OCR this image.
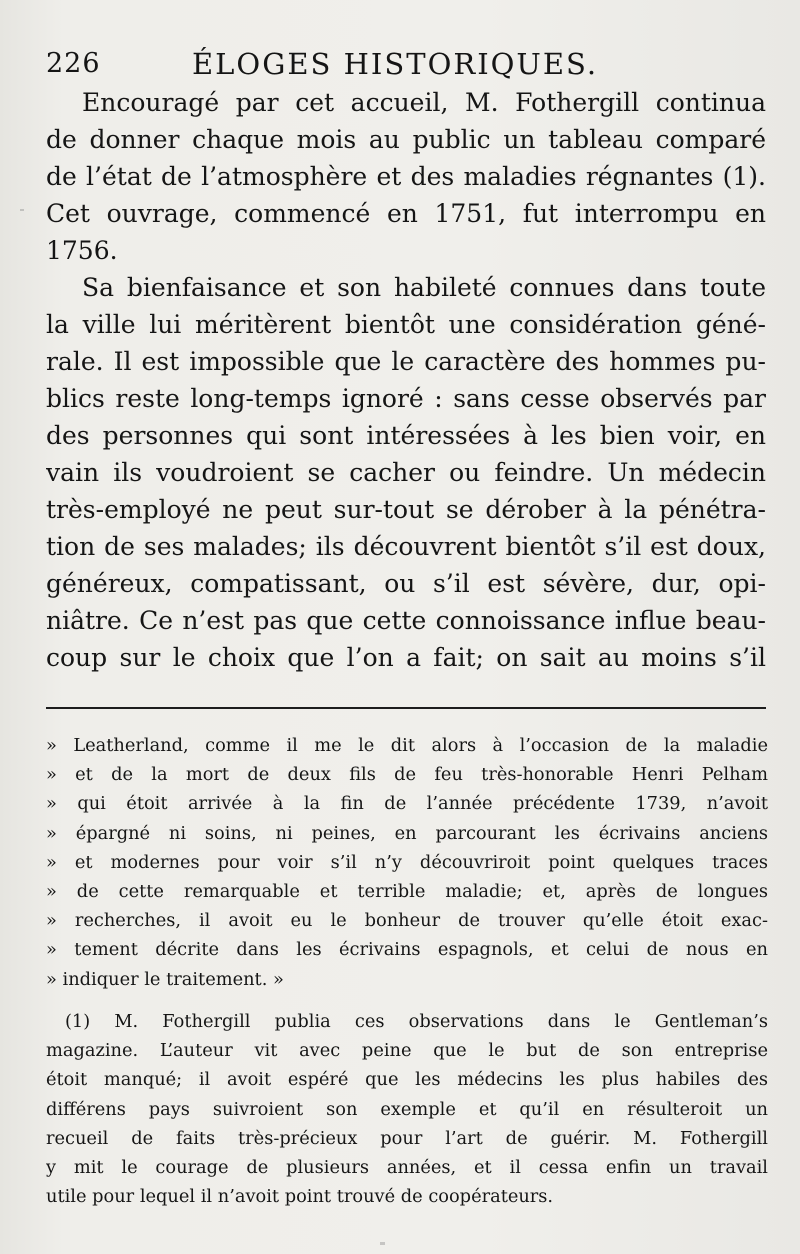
226	ÉLOGES HISTORIQUES.
Encouragé par cet accueil, M. Fothergill continua
de donner chaque mois au public un tableau comparé
de l’état de l’atmosphère et des maladies régnantes (1).
Cet ouvrage, commencé en 1751, fut interrompu en
1756.
Sa bienfaisance et son habileté connues dans toute
la ville lui méritèrent bientôt une considération géné-
rale. Il est impossible que le caractère des hommes pu-
blics reste long-temps ignoré : sans cesse observés par
des personnes qui sont intéressées à les bien voir, en
vain ils voudroient se cacher ou feindre. Un médecin
très-employé ne peut sur-tout se dérober à la pénétra-
tion de ses malades; ils découvrent bientôt s’il est doux,
généreux, compatissant, ou s’il est sévère, dur, opi-
niâtre. Ce n’est pas que cette connoissance influe beau-
coup sur le choix que l’on a fait; on sait au moins s’il
» Leatherland, comme il me le dit alors à l’occasion de la maladie
» et de la mort de deux fils de feu très-honorable Henri Pelham
» qui étoit arrivée à la fin de l’année précédente 1739, n’avoit
» épargné ni soins, ni peines, en parcourant les écrivains anciens
» et modernes pour voir s’il n’y découvriroit point quelques traces
» de cette remarquable et terrible maladie; et, après de longues
» recherches, il avoit eu le bonheur de trouver qu’elle étoit exac-
» tement décrite dans les écrivains espagnols, et celui de nous en
» indiquer le traitement. »
(1) M. Fothergill publia ces observations dans le Gentleman’s
magazine. L’auteur vit avec peine que le but de son entreprise
étoit manqué; il avoit espéré que les médecins les plus habiles des
différens pays suivroient son exemple et qu’il en résulteroit un
recueil de faits très-précieux pour l’art de guérir. M. Fothergill
y mit le courage de plusieurs années, et il cessa enfin un travail
utile pour lequel il n’avoit point trouvé de coopérateurs.
